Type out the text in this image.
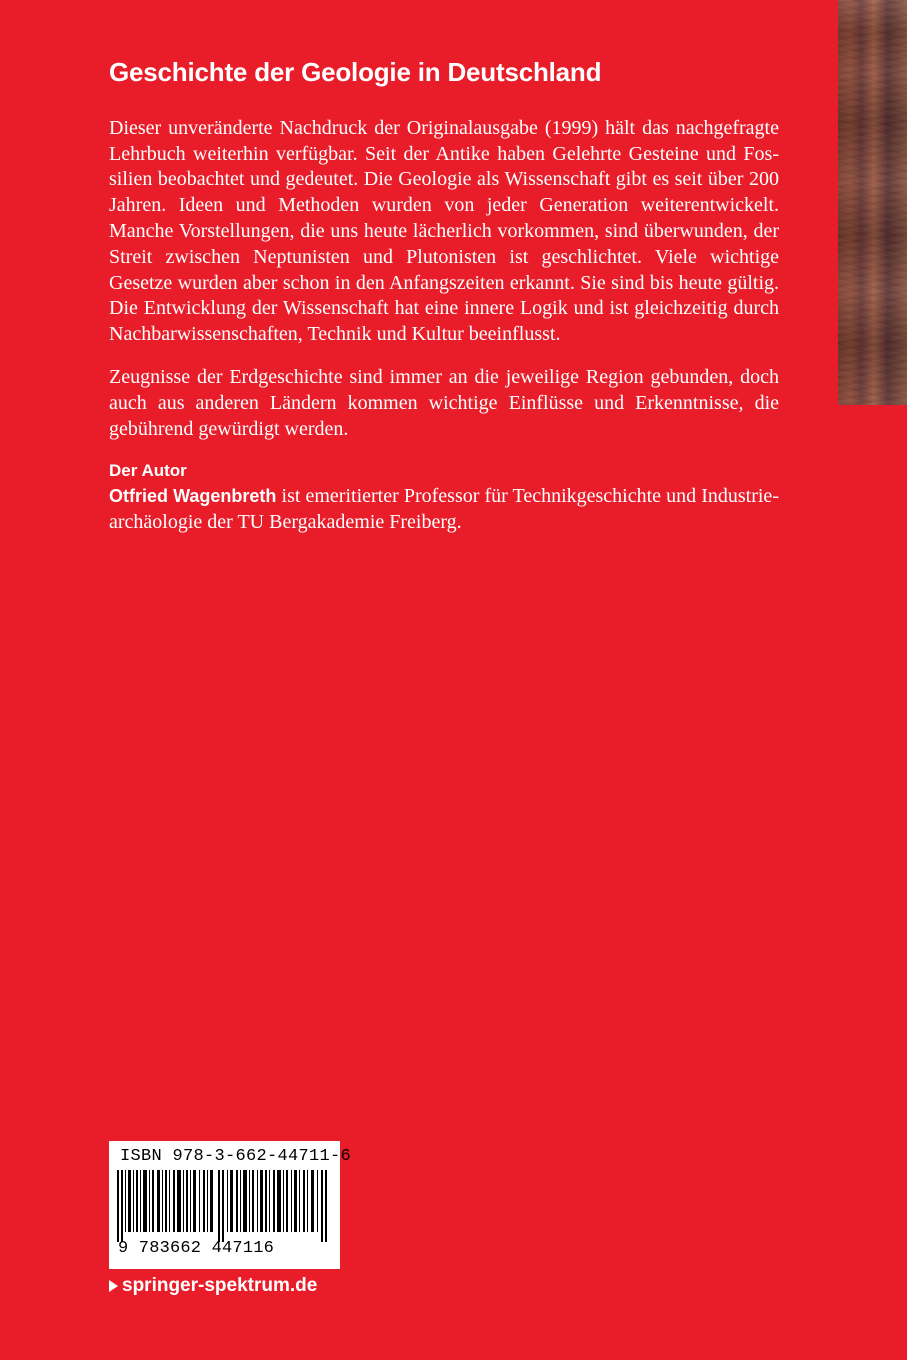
Geschichte der Geologie in Deutschland

Dieser unveränderte Nachdruck der Originalausgabe (1999) hält das nachgefragte Lehrbuch weiterhin verfügbar. Seit der Antike haben Gelehrte Gesteine und Fossilien beobachtet und gedeutet. Die Geologie als Wissenschaft gibt es seit über 200 Jahren. Ideen und Methoden wurden von jeder Generation weiterentwickelt. Manche Vorstellungen, die uns heute lächerlich vorkommen, sind überwunden, der Streit zwischen Neptunisten und Plutonisten ist geschlichtet. Viele wichtige Gesetze wurden aber schon in den Anfangszeiten erkannt. Sie sind bis heute gültig. Die Entwicklung der Wissenschaft hat eine innere Logik und ist gleichzeitig durch Nachbarwissenschaften, Technik und Kultur beeinflusst.

Zeugnisse der Erdgeschichte sind immer an die jeweilige Region gebunden, doch auch aus anderen Ländern kommen wichtige Einflüsse und Erkenntnisse, die gebührend gewürdigt werden.

Der Autor

Otfried Wagenbreth ist emeritierter Professor für Technikgeschichte und Industriearchäologie der TU Bergakademie Freiberg.

ISBN 978-3-662-44711-6
9 783662 447116
springer-spektrum.de
